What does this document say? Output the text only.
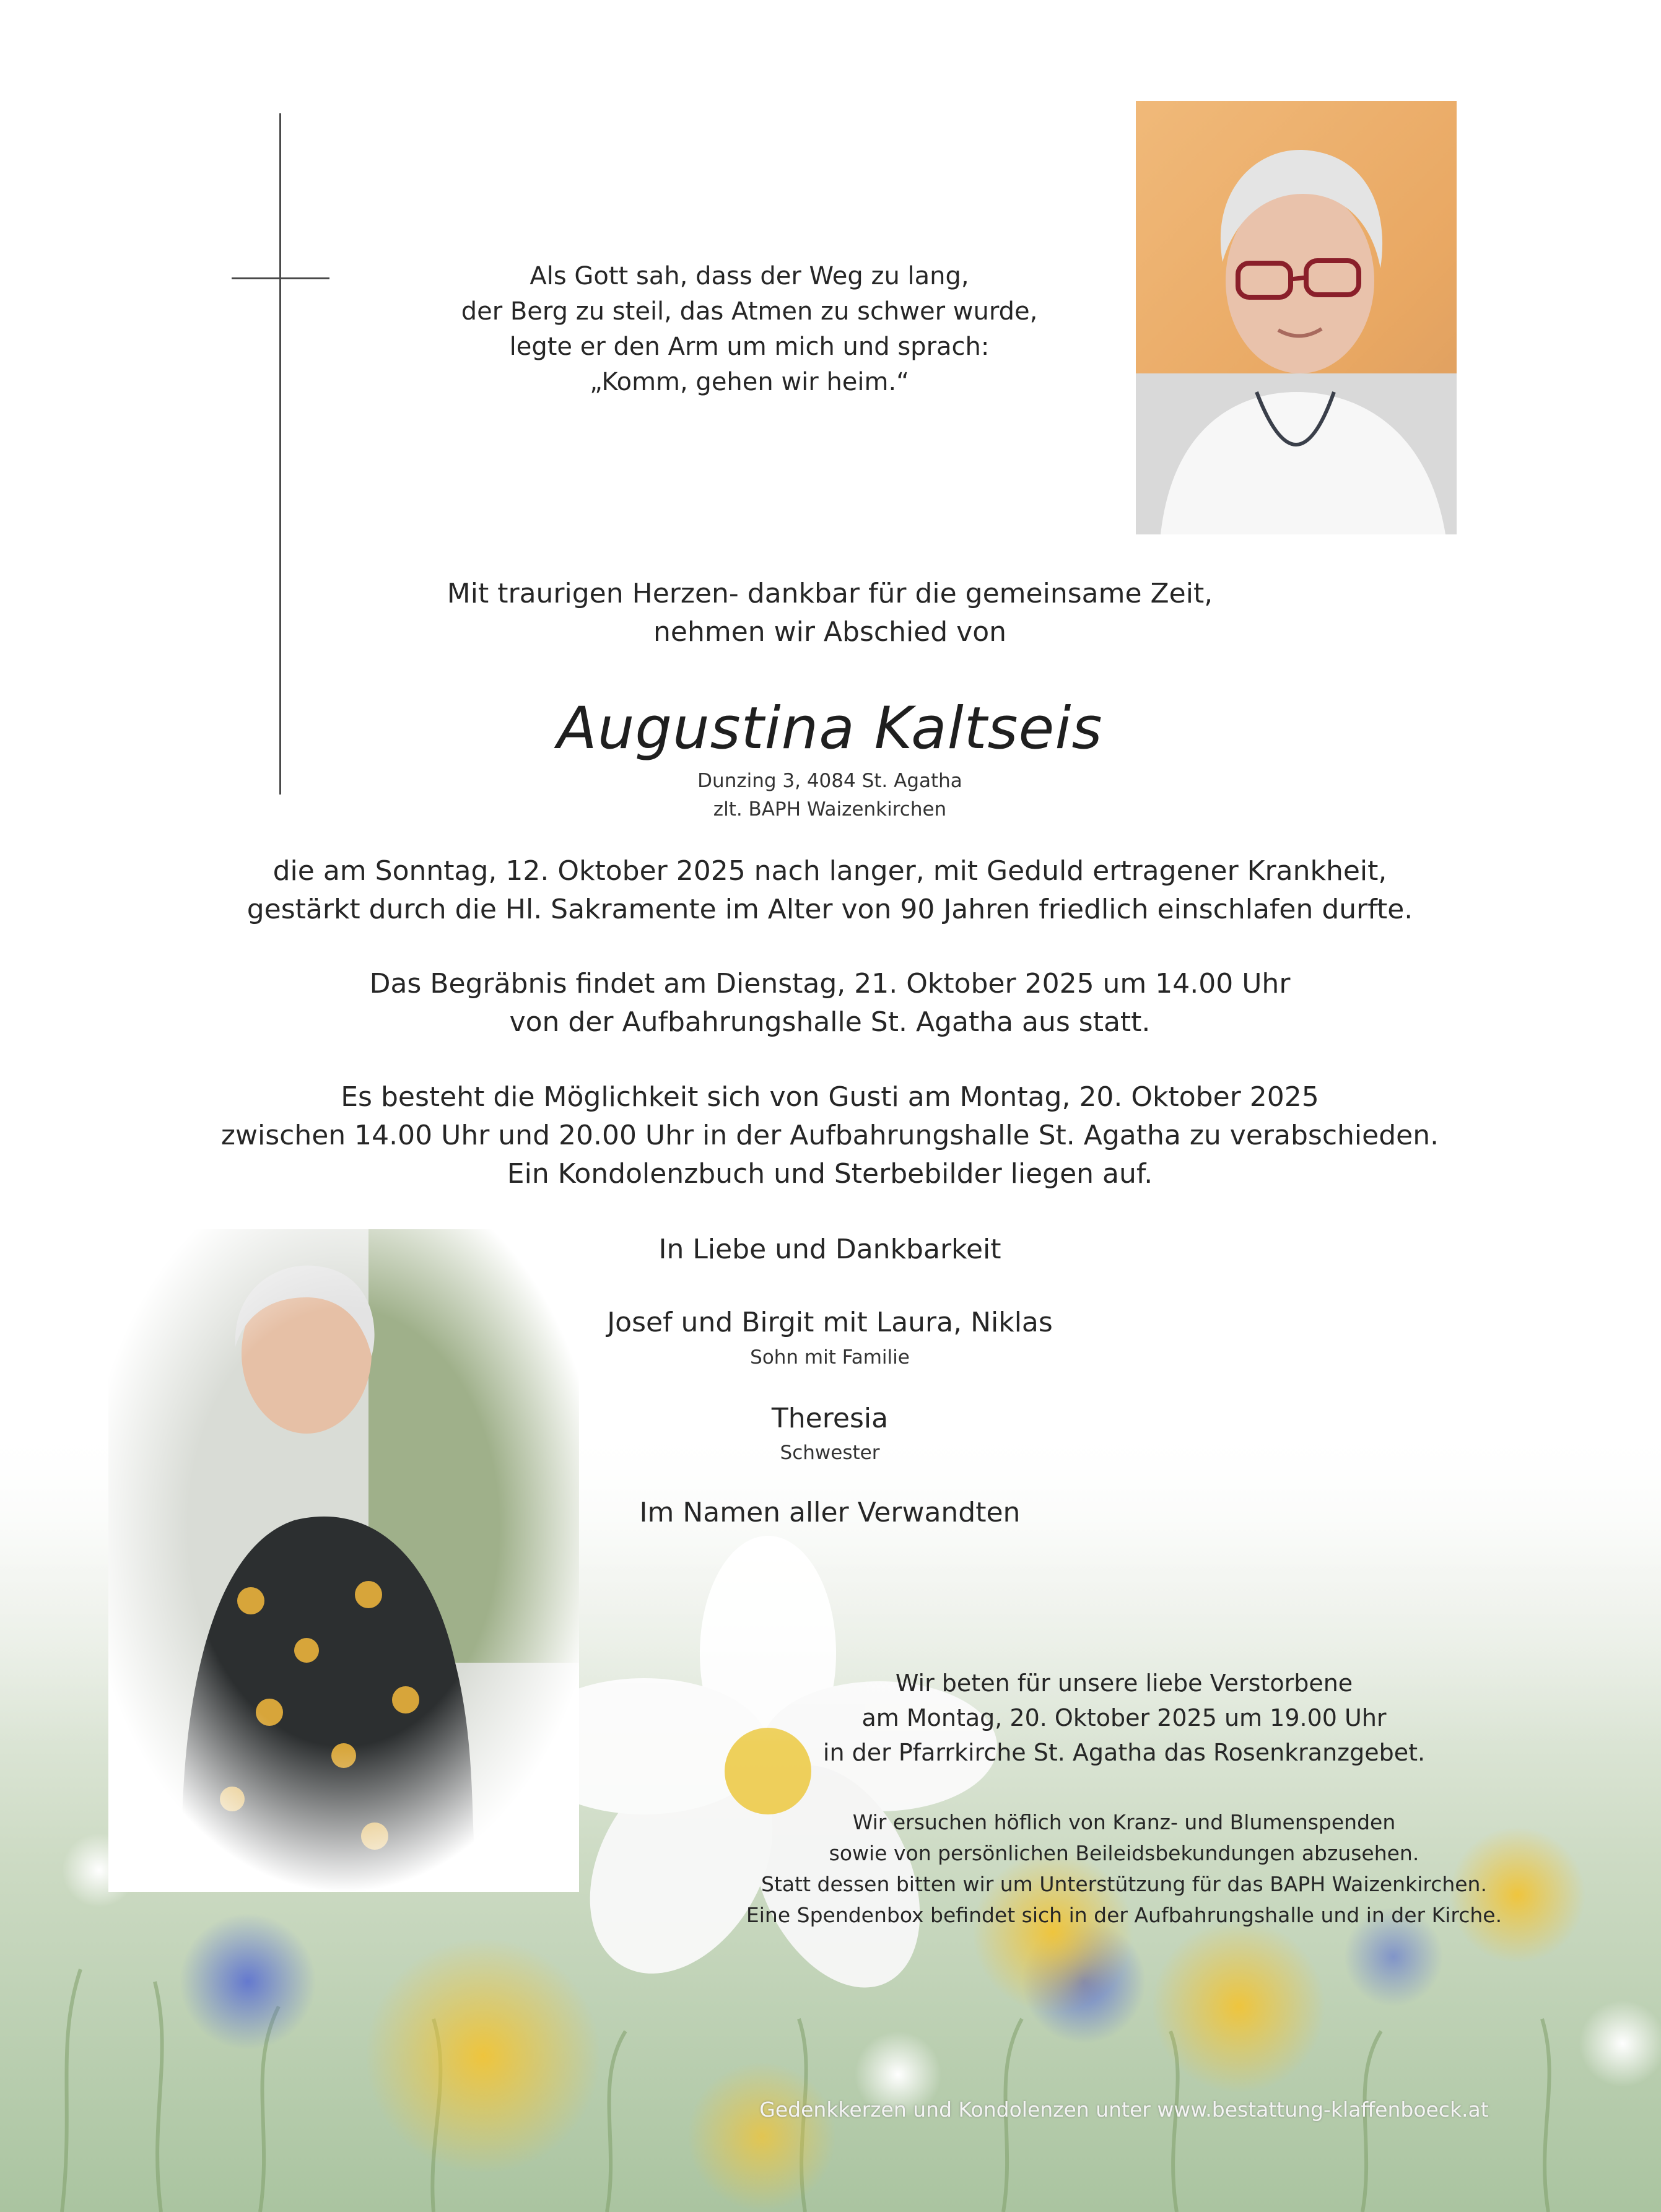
Als Gott sah, dass der Weg zu lang,
der Berg zu steil, das Atmen zu schwer wurde,
legte er den Arm um mich und sprach:
„Komm, gehen wir heim.“
Mit traurigen Herzen- dankbar für die gemeinsame Zeit,
nehmen wir Abschied von
Augustina Kaltseis
Dunzing 3, 4084 St. Agatha
zlt. BAPH Waizenkirchen
die am Sonntag, 12. Oktober 2025 nach langer, mit Geduld ertragener Krankheit,
gestärkt durch die Hl. Sakramente im Alter von 90 Jahren friedlich einschlafen durfte.
Das Begräbnis findet am Dienstag, 21. Oktober 2025 um 14.00 Uhr
von der Aufbahrungshalle St. Agatha aus statt.
Es besteht die Möglichkeit sich von Gusti am Montag, 20. Oktober 2025
zwischen 14.00 Uhr und 20.00 Uhr in der Aufbahrungshalle St. Agatha zu verabschieden.
Ein Kondolenzbuch und Sterbebilder liegen auf.
In Liebe und Dankbarkeit
Josef und Birgit mit Laura, Niklas
Sohn mit Familie
Theresia
Schwester
Im Namen aller Verwandten
Wir beten für unsere liebe Verstorbene
am Montag, 20. Oktober 2025 um 19.00 Uhr
in der Pfarrkirche St. Agatha das Rosenkranzgebet.
Wir ersuchen höflich von Kranz- und Blumenspenden
sowie von persönlichen Beileidsbekundungen abzusehen.
Statt dessen bitten wir um Unterstützung für das BAPH Waizenkirchen.
Eine Spendenbox befindet sich in der Aufbahrungshalle und in der Kirche.
Gedenkkerzen und Kondolenzen unter www.bestattung-klaffenboeck.at
